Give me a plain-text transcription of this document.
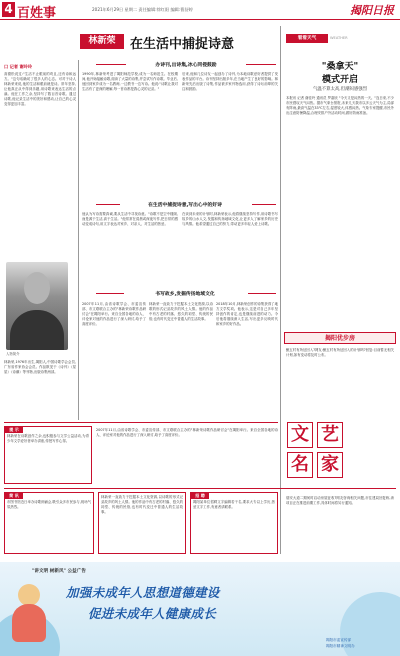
4 百姓事	2021年6月29日 星期二 责任编辑:徐红阳 编辑:曹舒婷	揭阳日报
林新荣	在生活中捕捉诗意
口 记者 谢玲玲
高德松说过:"生活不止眼前的苟且,还有诗和远方。"这句话确切了很多人的心态。可对于诗人林新荣来说,他的生活和眼前就是诗。常年坚持,让他真正从中得到乐趣,用诗歌来表达生活的点滴。他在工作之余,坚持写了数百首诗歌。通过诗歌,他记录生活中的美好和感动,让自己的心灵变得更加丰富。
人物简介
林新荣,1976年出生,揭阳人,中国诗歌学会会员,广东省作家协会会员。作品散见于《诗刊》《星星》《诗潮》等刊物,出版诗集两部。
办诗刊,出诗集,冰心同侵鼓励
1990年,林新荣考进了揭阳师范学校,成为一名师范生。在校期间,他开始接触诗歌,阅读了大量的诗集,并尝试写作诗歌。毕业后,他回到家乡成为一名教师,一边教书一边写诗。他说:"诗歌让我对生活有了更深的理解,每一首诗都是我心灵的记录。"
后来,他和几位诗友一起创办了诗刊,为本地诗歌爱好者提供了发表作品的平台。诗刊坚持出版多年,在当地产生了良好的影响。林新荣先后出版了诗集,作品被多家刊物选用,获得了诗坛前辈的关注和鼓励。
在生活中捕捉诗意,写出心中的好诗
他认为写诗需要真诚,要从生活中寻找诗意。"诗歌不是空中楼阁,而是源于生活,高于生活。"他常常在清晨或深夜写作,把日常的感动变成诗句,用文字表达对家乡、对亲人、对生活的热爱。
在谈到未来的计划时,林新荣表示,他将继续坚持写作,用诗歌书写故乡的山水人文,发掘和传扬地域文化,让更多人了解家乡的历史与风情。他希望通过自己的努力,带动更多年轻人爱上诗歌。
书写故乡,发掘传扬地域文化
2007年11月,由省诗歌学会、市委宣传部、市文联联合主办的"林新荣诗歌作品研讨会"在揭阳举行。来自全国各地的诗人、评论家对他的作品进行了深入研讨,给予了高度评价。
林新荣一直致力于挖掘本土文化资源,以诗歌的形式记录故乡的风土人情。他的作品中有古老的村落、悠久的祠堂、传统的民俗,也有时代变迁中普通人的生活故事。
2018年10月,林新荣创作的诗集获得了地方文学奖项。他表示,这是对自己多年坚持创作的肯定,也是继续前进的动力。今后他将继续深入生活,写出更多反映时代和家乡的好作品。
看看天气	WEATHER
"桑拿天"
模式开启
气温不算太高,但潮闷感强烈
本报讯 记者 谢佳玲 通讯员 罗嘉欣 "今天又是闷热的一天。"连日来,不少市民感叹天气闷热。据市气象台预报,未来几天我市以多云天气为主,局部有阵雨,最高气温在33℃左右,湿度较大,体感闷热。气象专家提醒,市民外出注意防暑降温,合理安排户外活动时间,做好防雨准备。
揭阳优步房
鲍五村有所征回入?网友:鲍五村有所征回入的计划吗?回复:目前暂无相关计划,如有变动将及时公布。
瑞安大道二期何时启动房屋征收?网友咨询相关问题,市住建局回复称,该项目正在推进前期工作,具体时间将另行通知。
文 艺
名 家
提 示
林新荣在诗歌创作之余,也积极参与文学公益活动,为青少年文学爱好者举办讲座,传授写作心得。
2007年11月,由省诗歌学会、市委宣传部、市文联联合主办的"林新荣诗歌作品研讨会"在揭阳举行。来自全国各地的诗人、评论家对他的作品进行了深入研讨,给予了高度评价。
简 讯
市图书馆近日举办诗歌朗诵会,吸引众多市民参与,现场气氛热烈。
林新荣一直致力于挖掘本土文化资源,以诗歌的形式记录故乡的风土人情。他的作品中有古老的村落、悠久的祠堂、传统的民俗,也有时代变迁中普通人的生活故事。
招 聘
揭阳某单位招聘文字编辑若干名,要求大专以上学历,热爱文字工作,有意者请联系。
"讲文明 树新风" 公益广告
加强未成年人思想道德建设
促进未成年人健康成长
揭阳市委宣传部
揭阳市精神文明办
